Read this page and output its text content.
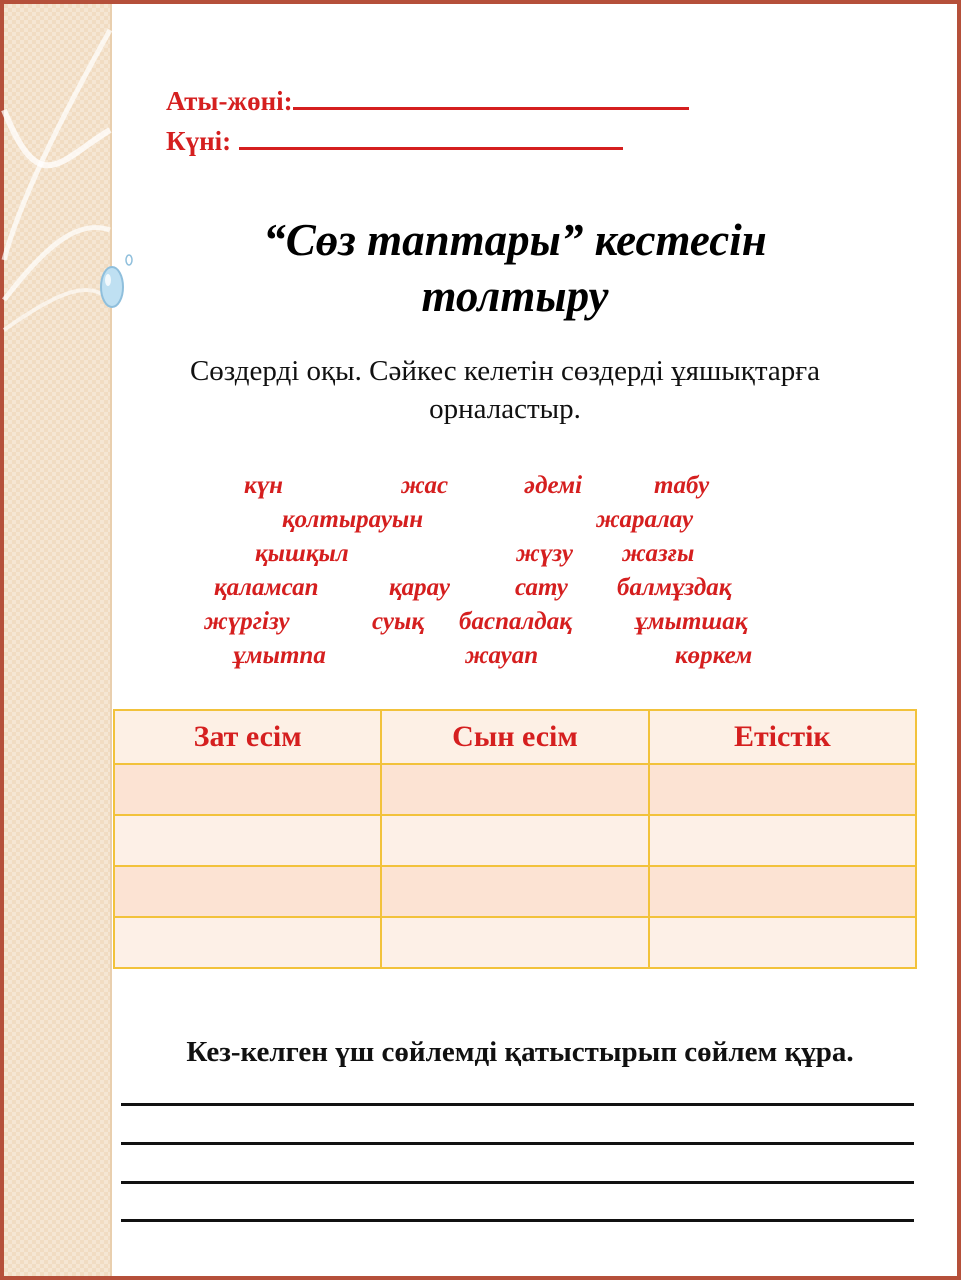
Аты-жөні:
Күні:
“Сөз таптары” кестесін толтыру
Сөздерді оқы. Сәйкес келетін сөздерді ұяшықтарға орналастыр.
күн	жас	әдемі	табу
қолтырауын	жаралау
қышқыл	жүзу жазғы
қаламсап	қарау	сату балмұздақ
жүргізу	суық баспалдақ	ұмытшақ
ұмытпа	жауап	көркем
Зат есім	Сын есім	Етістік

Кез-келген үш сөйлемді қатыстырып сөйлем құра.
